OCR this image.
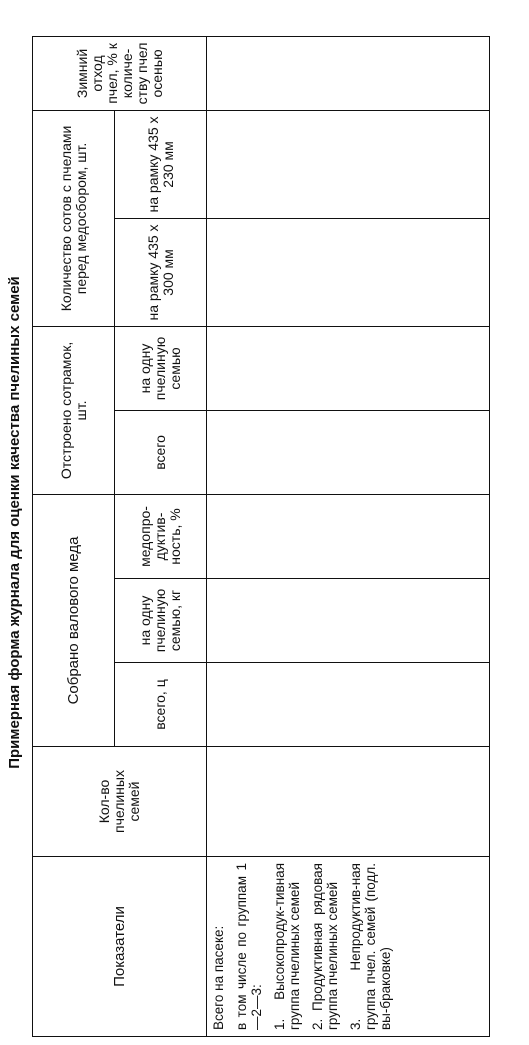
Примерная форма журнала для оценки качества пчелиных семей
Показатели	Кол-во пчелиных семей	Собрано валового меда			Отстроено сотрамок, шт.		Количество сотов с пчелами перед медосбором, шт.		Зимний отход пчел, % к количе-ству пчел осенью
		всего, ц	на одну пчелиную семью, кг	медопро-дуктив-ность, %	всего	на одну пчелиную семью	на рамку 435 х 300 мм	на рамку 435 х 230 мм	

Всего на пасеке: в том числе по группам 1—2—3: 1. Высокопродук-тивная группа пчелиных семей 2. Продуктивная рядовая группа пчелиных семей 3. Непродуктив-ная группа пчел. семей (подл. вы-браковке)									
